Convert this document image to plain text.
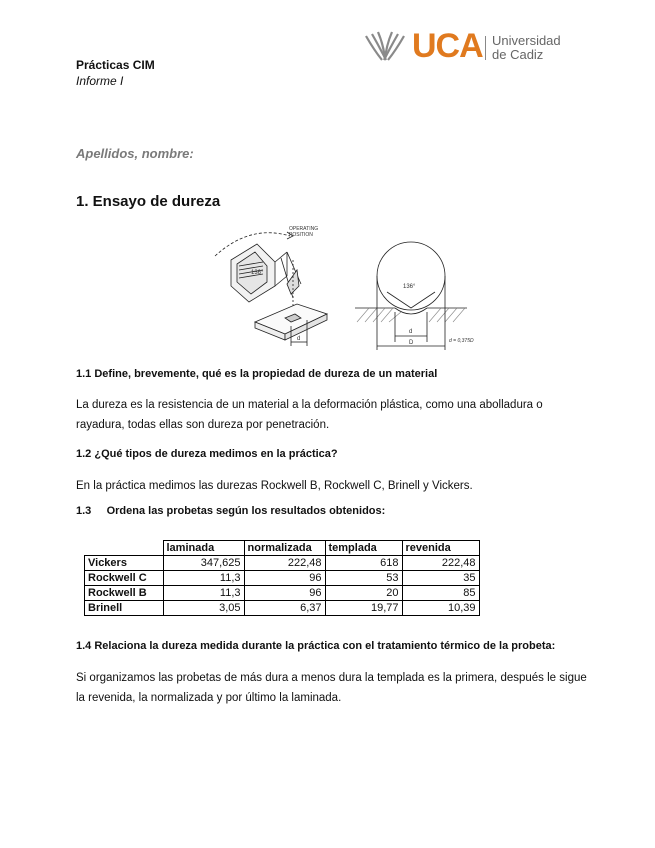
Prácticas CIM
Informe I
UCA Universidad
de Cadiz
Apellidos, nombre:
1. Ensayo de dureza
OPERATING
POSITION
136°
136°
d
d
D	d = 0,375D
1.1 Define, brevemente, qué es la propiedad de dureza de un material
La dureza es la resistencia de un material a la deformación plástica, como una abolladura o
rayadura, todas ellas son dureza por penetración.
1.2 ¿Qué tipos de dureza medimos en la práctica?
En la práctica medimos las durezas Rockwell B, Rockwell C, Brinell y Vickers.
1.3     Ordena las probetas según los resultados obtenidos:
	laminada	normalizada	templada	revenida
Vickers	347,625	222,48	618	222,48
Rockwell C	11,3	96	53	35
Rockwell B	11,3	96	20	85
Brinell	3,05	6,37	19,77	10,39
1.4 Relaciona la dureza medida durante la práctica con el tratamiento térmico de la probeta:
Si organizamos las probetas de más dura a menos dura la templada es la primera, después le sigue
la revenida, la normalizada y por último la laminada.
